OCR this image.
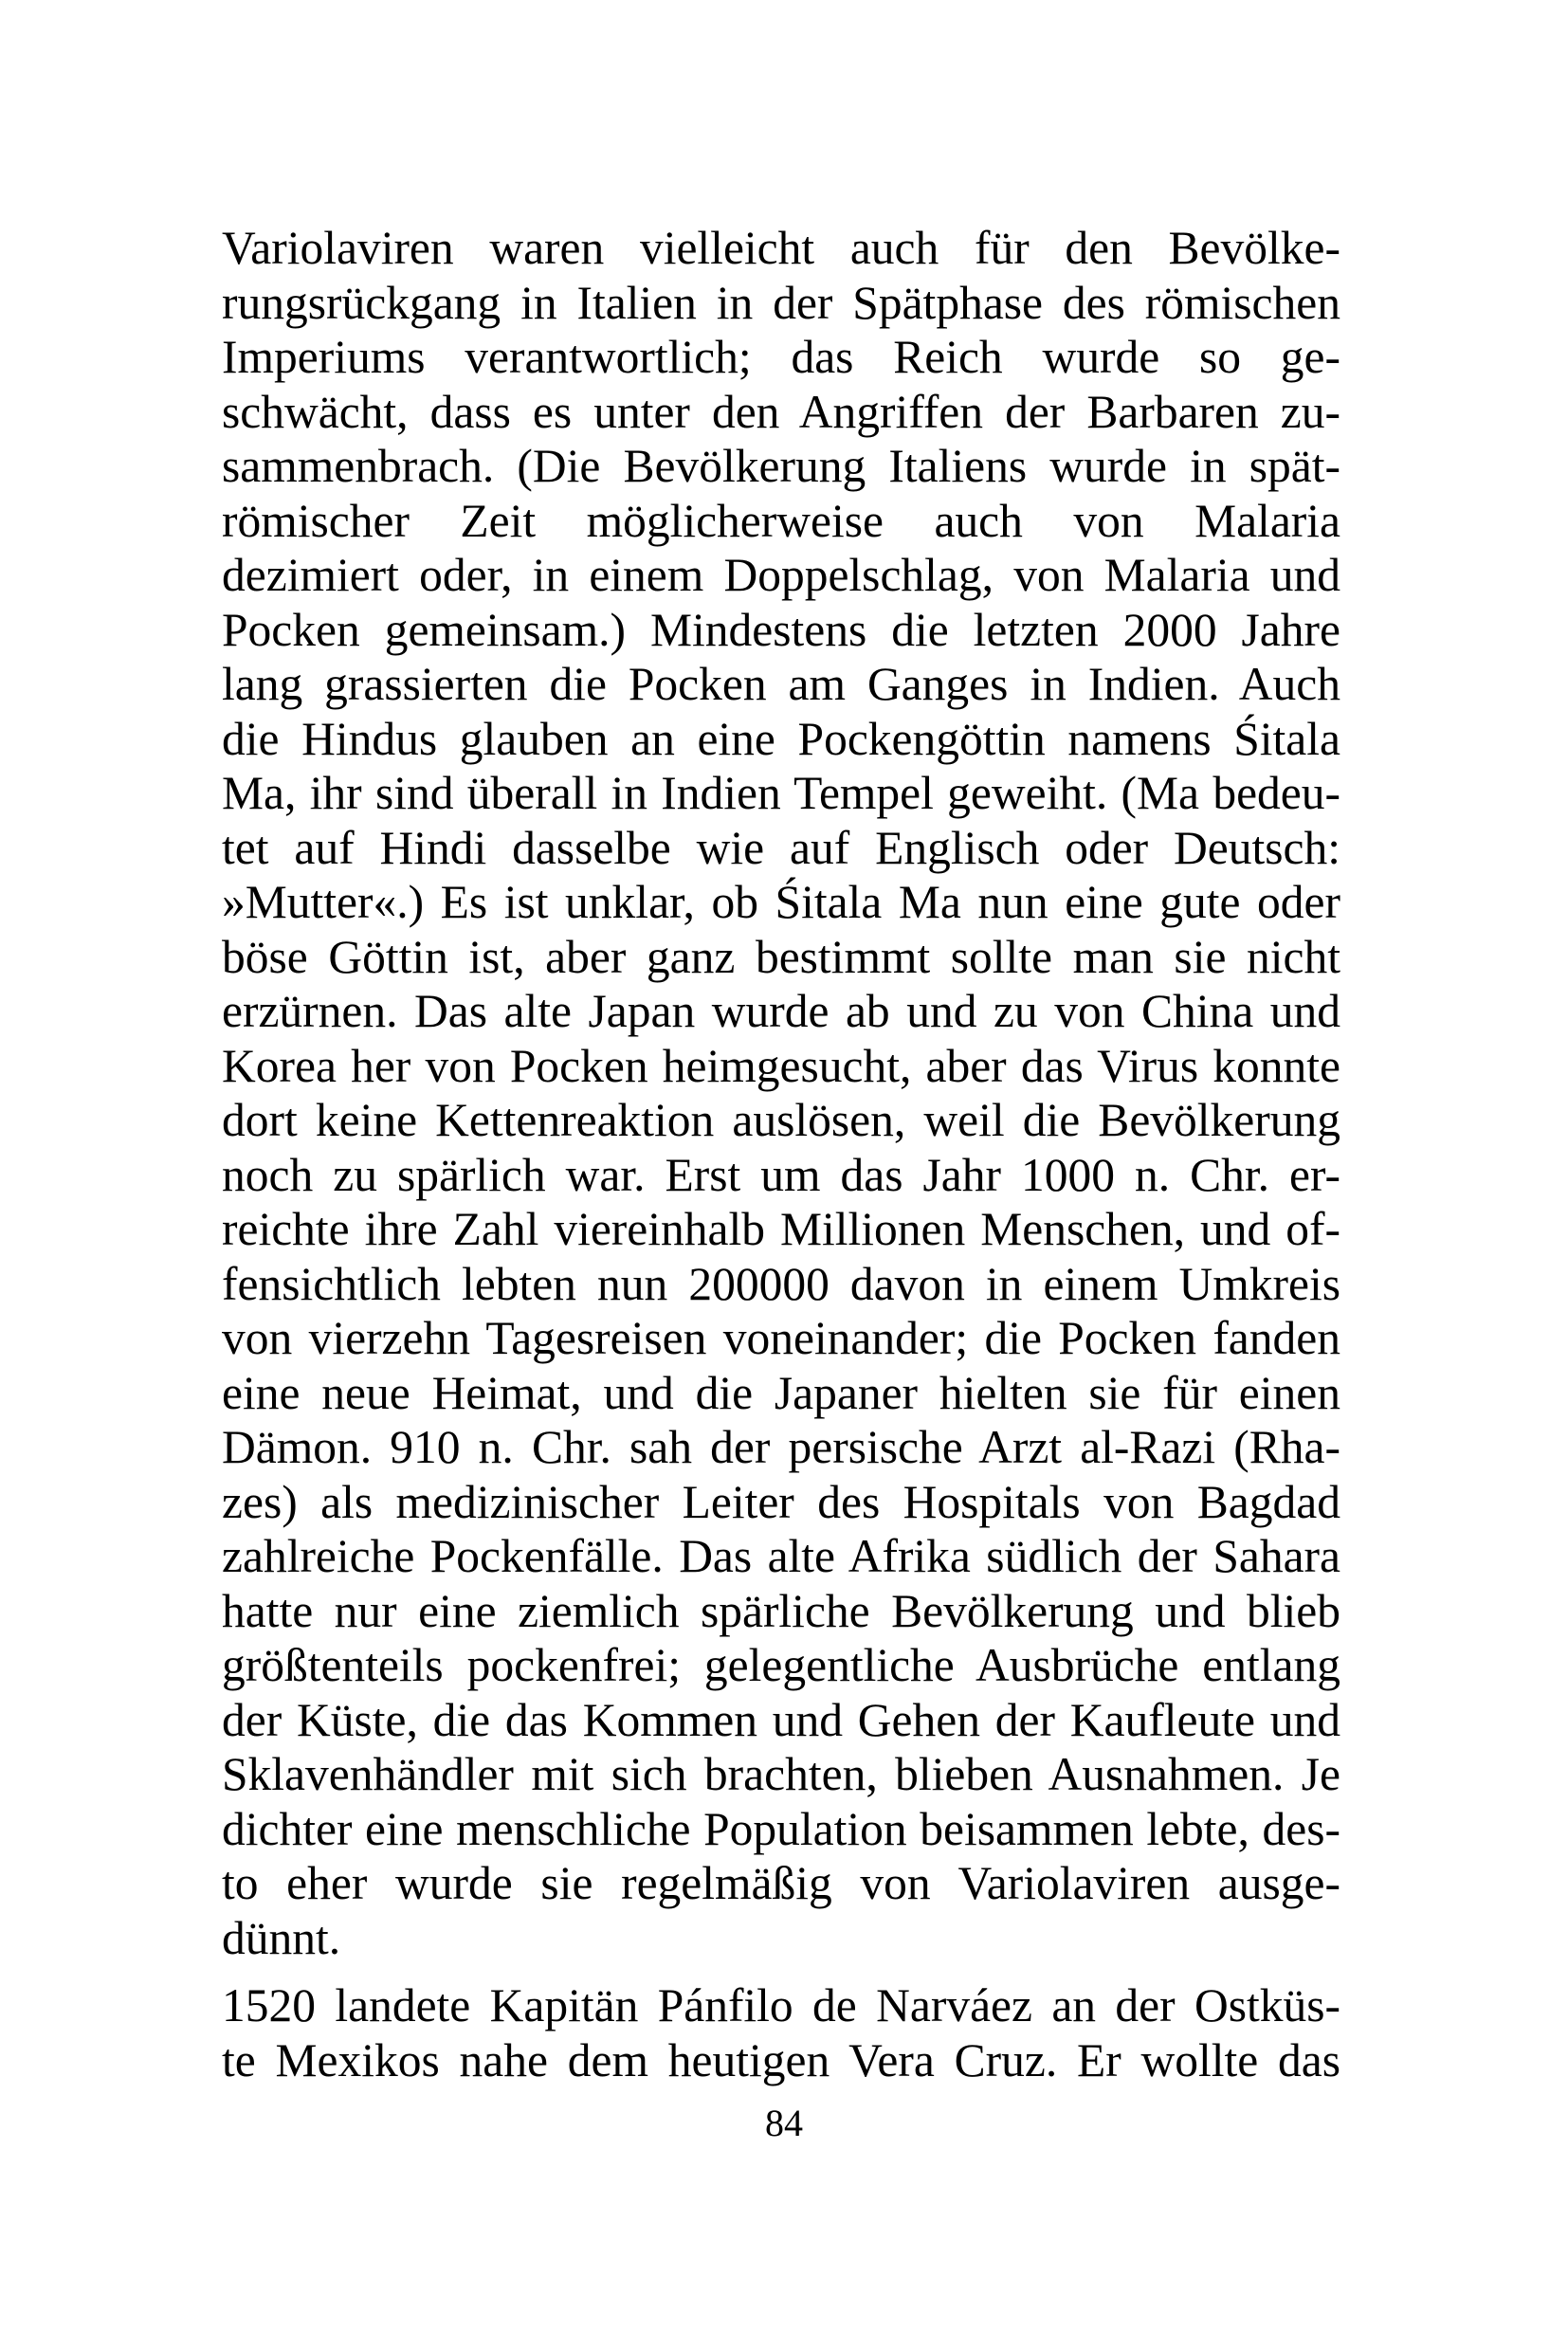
Variolaviren waren vielleicht auch für den Bevölke-
rungsrückgang in Italien in der Spätphase des römischen
Imperiums verantwortlich; das Reich wurde so ge-
schwächt, dass es unter den Angriffen der Barbaren zu-
sammenbrach. (Die Bevölkerung Italiens wurde in spät-
römischer Zeit möglicherweise auch von Malaria
dezimiert oder, in einem Doppelschlag, von Malaria und
Pocken gemeinsam.) Mindestens die letzten 2000 Jahre
lang grassierten die Pocken am Ganges in Indien. Auch
die Hindus glauben an eine Pockengöttin namens Śitala
Ma, ihr sind überall in Indien Tempel geweiht. (Ma bedeu-
tet auf Hindi dasselbe wie auf Englisch oder Deutsch:
»Mutter«.) Es ist unklar, ob Śitala Ma nun eine gute oder
böse Göttin ist, aber ganz bestimmt sollte man sie nicht
erzürnen. Das alte Japan wurde ab und zu von China und
Korea her von Pocken heimgesucht, aber das Virus konnte
dort keine Kettenreaktion auslösen, weil die Bevölkerung
noch zu spärlich war. Erst um das Jahr 1000 n. Chr. er-
reichte ihre Zahl viereinhalb Millionen Menschen, und of-
fensichtlich lebten nun 200000 davon in einem Umkreis
von vierzehn Tagesreisen voneinander; die Pocken fanden
eine neue Heimat, und die Japaner hielten sie für einen
Dämon. 910 n. Chr. sah der persische Arzt al-Razi (Rha-
zes) als medizinischer Leiter des Hospitals von Bagdad
zahlreiche Pockenfälle. Das alte Afrika südlich der Sahara
hatte nur eine ziemlich spärliche Bevölkerung und blieb
größtenteils pockenfrei; gelegentliche Ausbrüche entlang
der Küste, die das Kommen und Gehen der Kaufleute und
Sklavenhändler mit sich brachten, blieben Ausnahmen. Je
dichter eine menschliche Population beisammen lebte, des-
to eher wurde sie regelmäßig von Variolaviren ausge-
dünnt.
1520 landete Kapitän Pánfilo de Narváez an der Ostküs-
te Mexikos nahe dem heutigen Vera Cruz. Er wollte das
84
